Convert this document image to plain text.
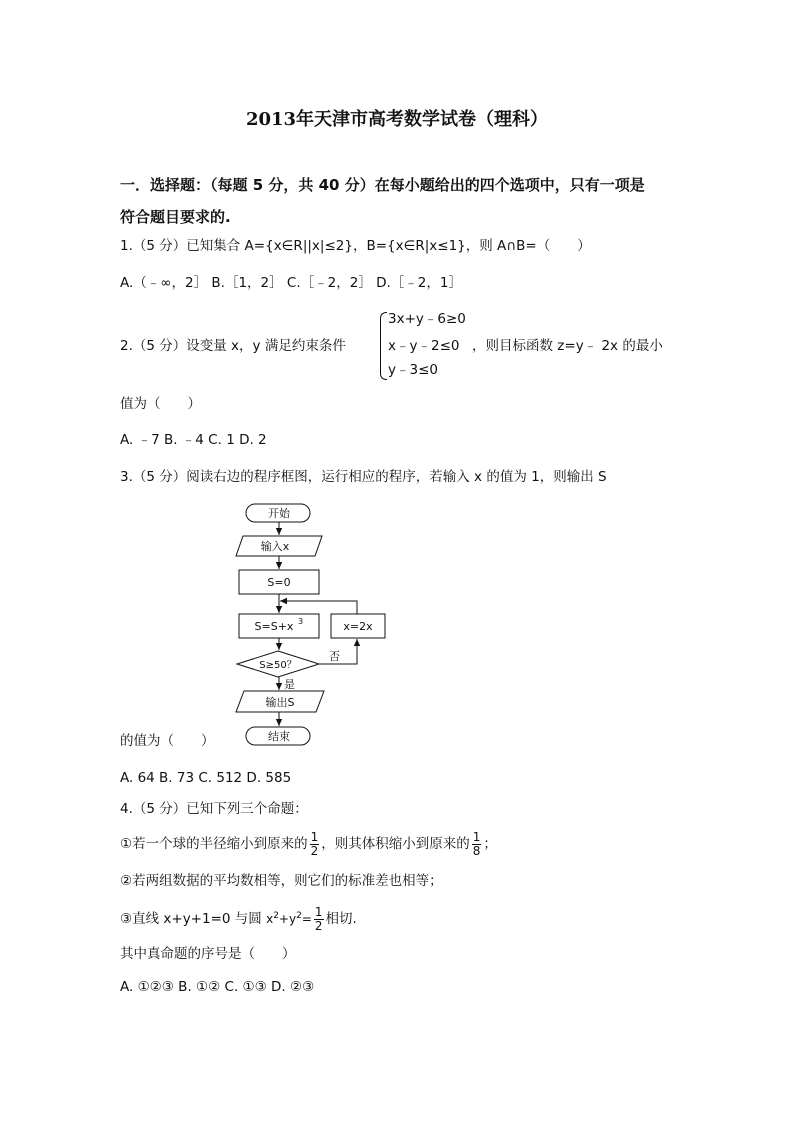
2013年天津市高考数学试卷（理科）
一．选择题：（每题 5 分，共 40 分）在每小题给出的四个选项中，只有一项是
符合题目要求的.
1.（5 分）已知集合 A={x∈R||x|≤2}，B={x∈R|x≤1}，则 A∩B=（　　）
A.（﹣∞，2］ B.［1，2］ C.［﹣2，2］ D.［﹣2，1］
2.（5 分）设变量 x，y 满足约束条件
3x+y﹣6≥0
x﹣y﹣2≤0
y﹣3≤0
，则目标函数 z=y﹣ 2x 的最小
值为（　　）
A. ﹣7 B. ﹣4 C. 1 D. 2
3.（5 分）阅读右边的程序框图，运行相应的程序，若输入 x 的值为 1，则输出 S
开始
输入x
S=0
S=S+x 3	x=2x
S≥50？
否
是
输出S
结束
的值为（　　）
A. 64 B. 73 C. 512 D. 585
4.（5 分）已知下列三个命题：
①若一个球的半径缩小到原来的 $\frac{1}{2}$ ，则其体积缩小到原来的 $\frac{1}{8}$ ；
②若两组数据的平均数相等，则它们的标准差也相等；
③直线 x+y+1=0 与圆 $x^2+y^2= \frac{1}{2}$ 相切.
其中真命题的序号是（　　）
A. ①②③ B. ①② C. ①③ D. ②③
